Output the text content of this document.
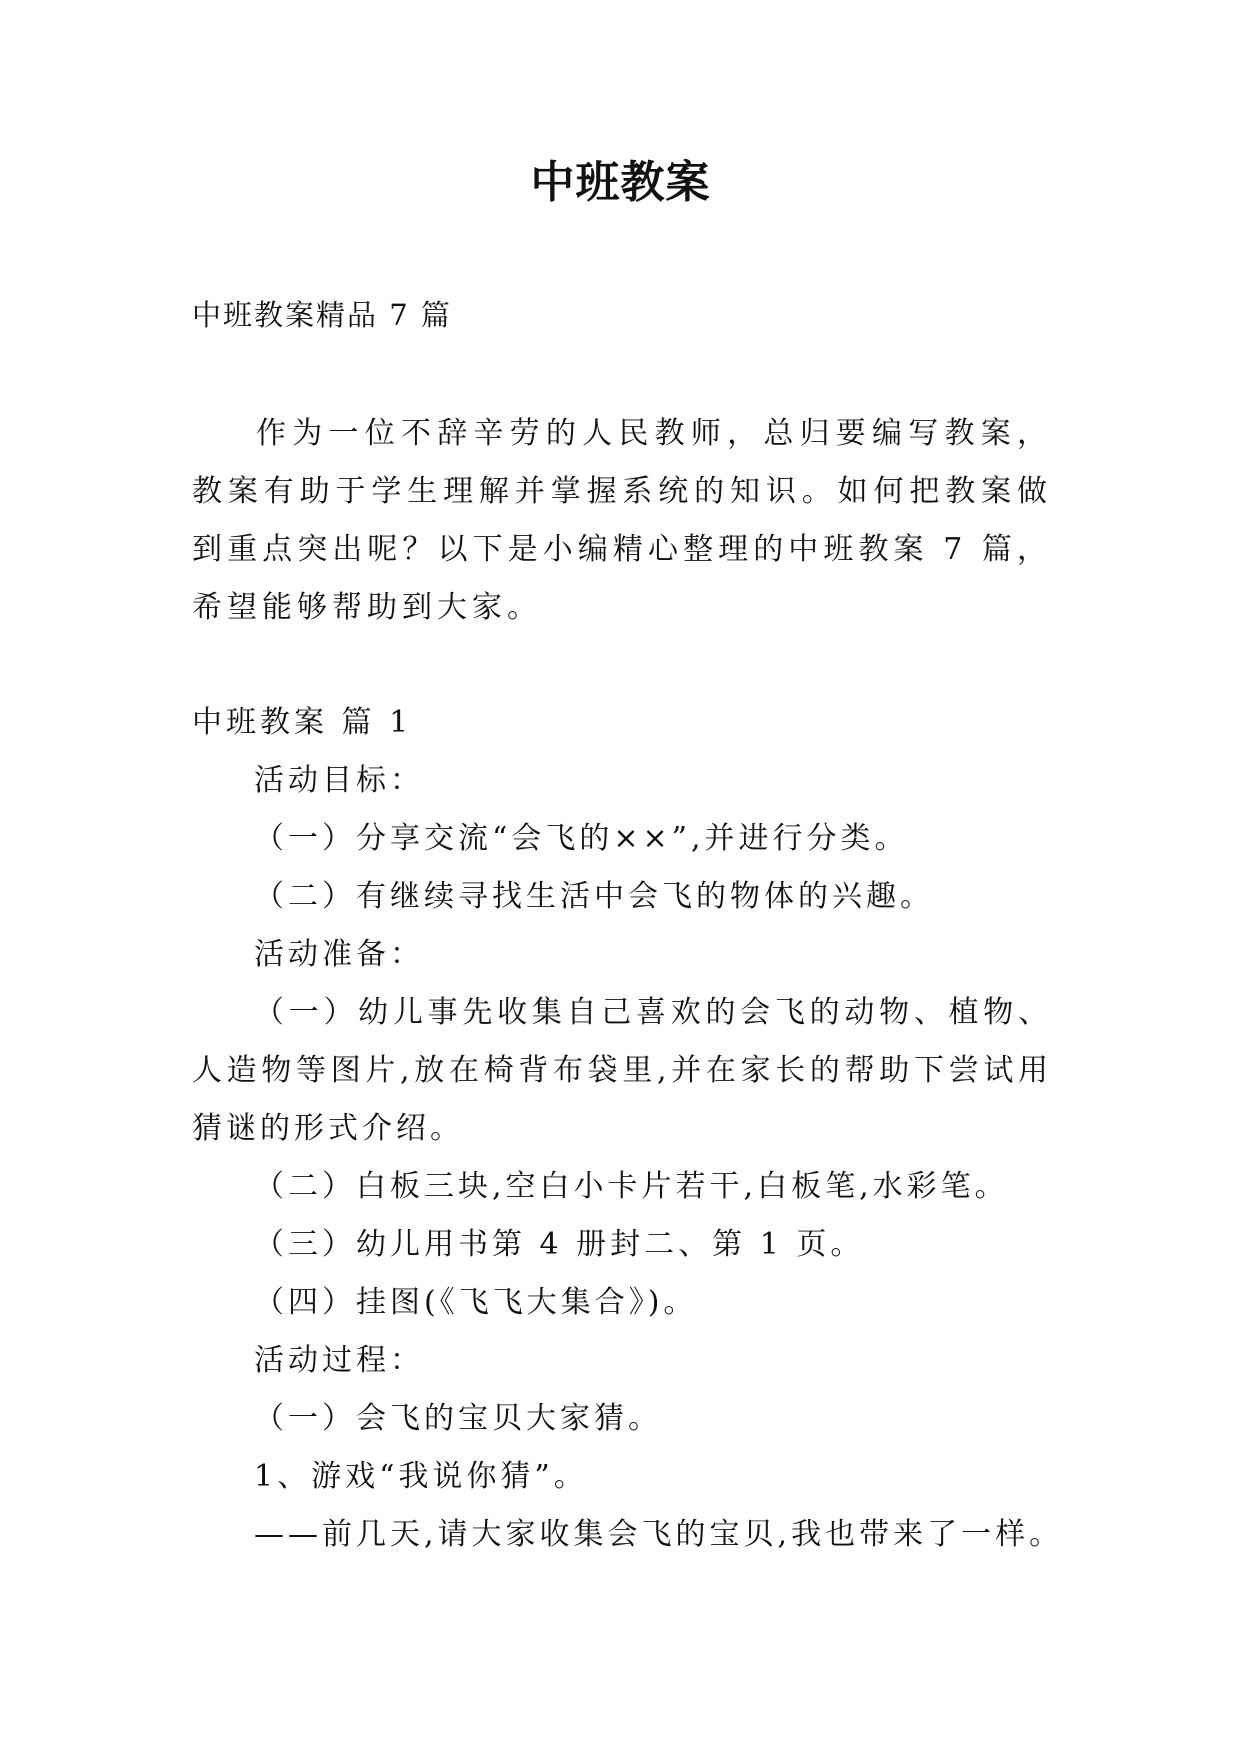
中班教案
中班教案精品 7 篇
作为一位不辞辛劳的人民教师，总归要编写教案，教案有助于学生理解并掌握系统的知识。如何把教案做到重点突出呢？以下是小编精心整理的中班教案 7 篇，希望能够帮助到大家。

中班教案 篇 1

活动目标：

（一）分享交流“会飞的××”,并进行分类。

（二）有继续寻找生活中会飞的物体的兴趣。

活动准备：

（一）幼儿事先收集自己喜欢的会飞的动物、植物、人造物等图片,放在椅背布袋里,并在家长的帮助下尝试用猜谜的形式介绍。

（二）白板三块,空白小卡片若干,白板笔,水彩笔。

（三）幼儿用书第 4 册封二、第 1 页。

（四）挂图(《飞飞大集合》)。

活动过程：

（一）会飞的宝贝大家猜。

1、游戏“我说你猜”。

——前几天,请大家收集会飞的宝贝,我也带来了一样。
